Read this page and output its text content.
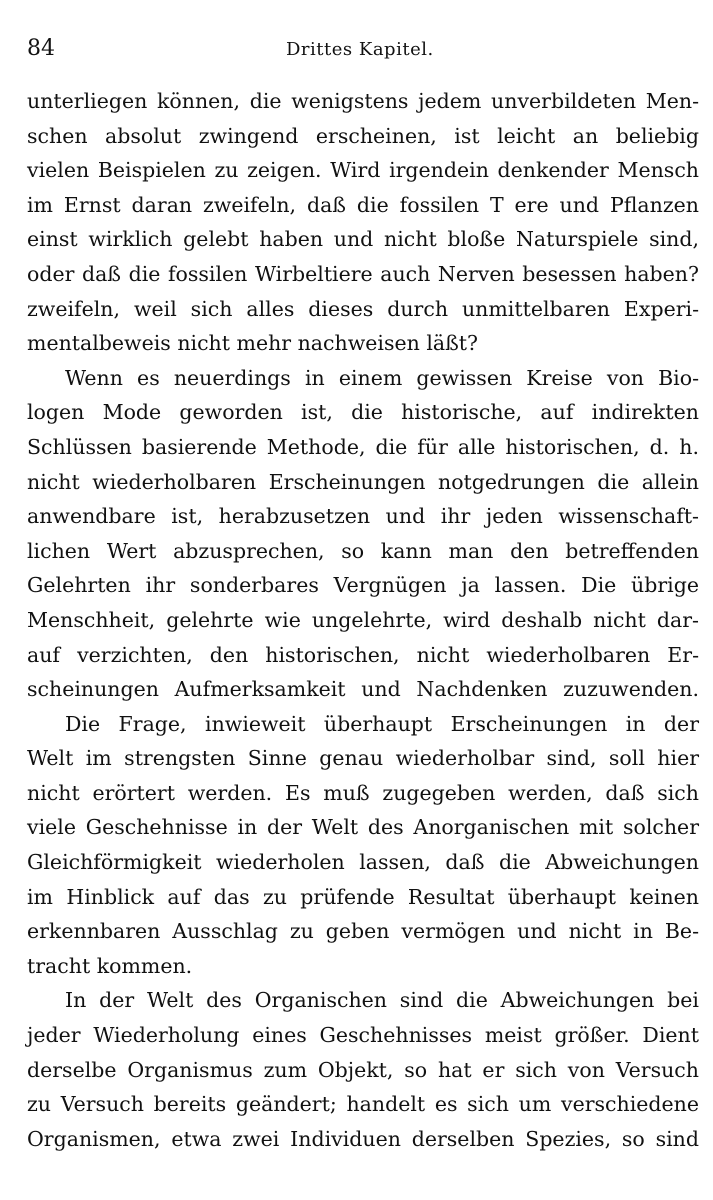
84	Drittes Kapitel.
unterliegen können, die wenigstens jedem unverbildeten Men-
schen absolut zwingend erscheinen, ist leicht an beliebig
vielen Beispielen zu zeigen. Wird irgendein denkender Mensch
im Ernst daran zweifeln, daß die fossilen T ere und Pflanzen
einst wirklich gelebt haben und nicht bloße Naturspiele sind,
oder daß die fossilen Wirbeltiere auch Nerven besessen haben?
zweifeln, weil sich alles dieses durch unmittelbaren Experi-
mentalbeweis nicht mehr nachweisen läßt?
Wenn es neuerdings in einem gewissen Kreise von Bio-
logen Mode geworden ist, die historische, auf indirekten
Schlüssen basierende Methode, die für alle historischen, d. h.
nicht wiederholbaren Erscheinungen notgedrungen die allein
anwendbare ist, herabzusetzen und ihr jeden wissenschaft-
lichen Wert abzusprechen, so kann man den betreffenden
Gelehrten ihr sonderbares Vergnügen ja lassen. Die übrige
Menschheit, gelehrte wie ungelehrte, wird deshalb nicht dar-
auf verzichten, den historischen, nicht wiederholbaren Er-
scheinungen Aufmerksamkeit und Nachdenken zuzuwenden.
Die Frage, inwieweit überhaupt Erscheinungen in der
Welt im strengsten Sinne genau wiederholbar sind, soll hier
nicht erörtert werden. Es muß zugegeben werden, daß sich
viele Geschehnisse in der Welt des Anorganischen mit solcher
Gleichförmigkeit wiederholen lassen, daß die Abweichungen
im Hinblick auf das zu prüfende Resultat überhaupt keinen
erkennbaren Ausschlag zu geben vermögen und nicht in Be-
tracht kommen.
In der Welt des Organischen sind die Abweichungen bei
jeder Wiederholung eines Geschehnisses meist größer. Dient
derselbe Organismus zum Objekt, so hat er sich von Versuch
zu Versuch bereits geändert; handelt es sich um verschiedene
Organismen, etwa zwei Individuen derselben Spezies, so sind
